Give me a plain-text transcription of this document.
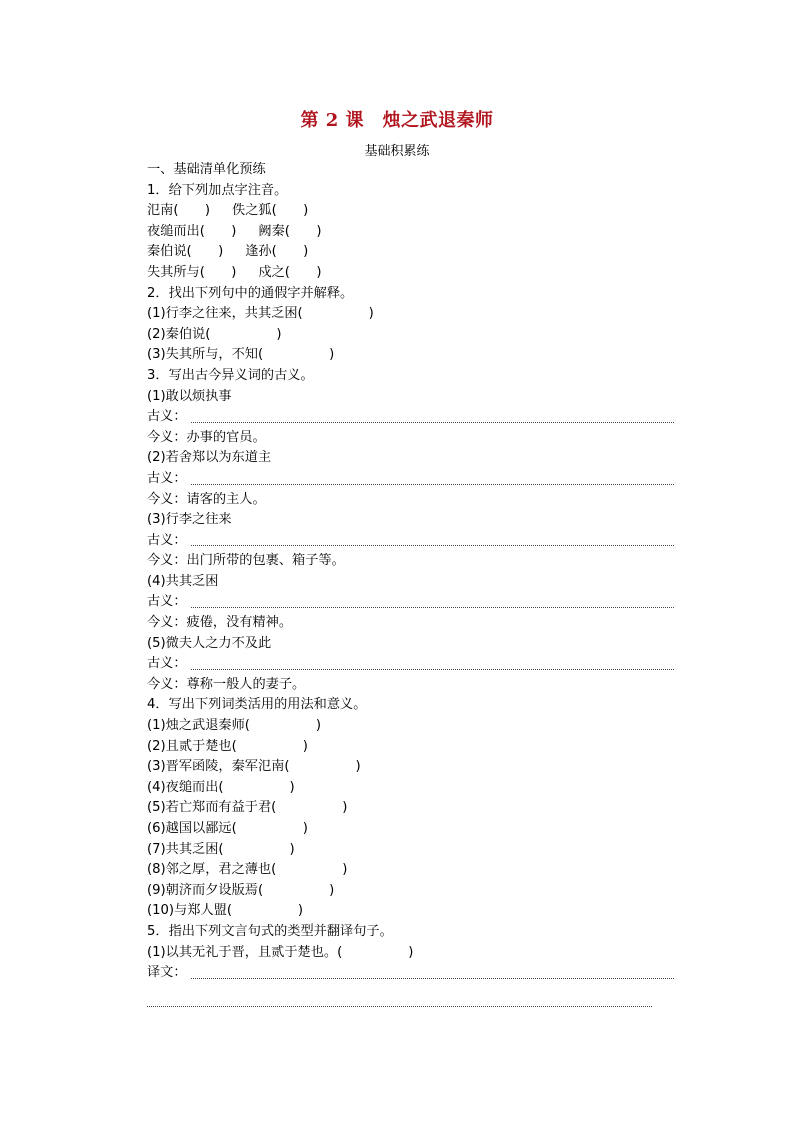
第 2 课　烛之武退秦师
基础积累练
一、基础清单化预练
1．给下列加点字注音。
氾南(　　) 佚之狐(　　)
夜缒而出(　　) 阙秦(　　)
秦伯说(　　) 逢孙(　　)
失其所与(　　) 戍之(　　)
2．找出下列句中的通假字并解释。
(1)行李之往来，共其乏困(　　　　　)
(2)秦伯说(　　　　　)
(3)失其所与，不知(　　　　　)
3．写出古今异义词的古义。
(1)敢以烦执事
古义：
今义：办事的官员。
(2)若舍郑以为东道主
古义：
今义：请客的主人。
(3)行李之往来
古义：
今义：出门所带的包裹、箱子等。
(4)共其乏困
古义：
今义：疲倦，没有精神。
(5)微夫人之力不及此
古义：
今义：尊称一般人的妻子。
4．写出下列词类活用的用法和意义。
(1)烛之武退秦师(　　　　　)
(2)且贰于楚也(　　　　　)
(3)晋军函陵，秦军氾南(　　　　　)
(4)夜缒而出(　　　　　)
(5)若亡郑而有益于君(　　　　　)
(6)越国以鄙远(　　　　　)
(7)共其乏困(　　　　　)
(8)邻之厚，君之薄也(　　　　　)
(9)朝济而夕设版焉(　　　　　)
(10)与郑人盟(　　　　　)
5．指出下列文言句式的类型并翻译句子。
(1)以其无礼于晋，且贰于楚也。(　　　　　)
译文：
